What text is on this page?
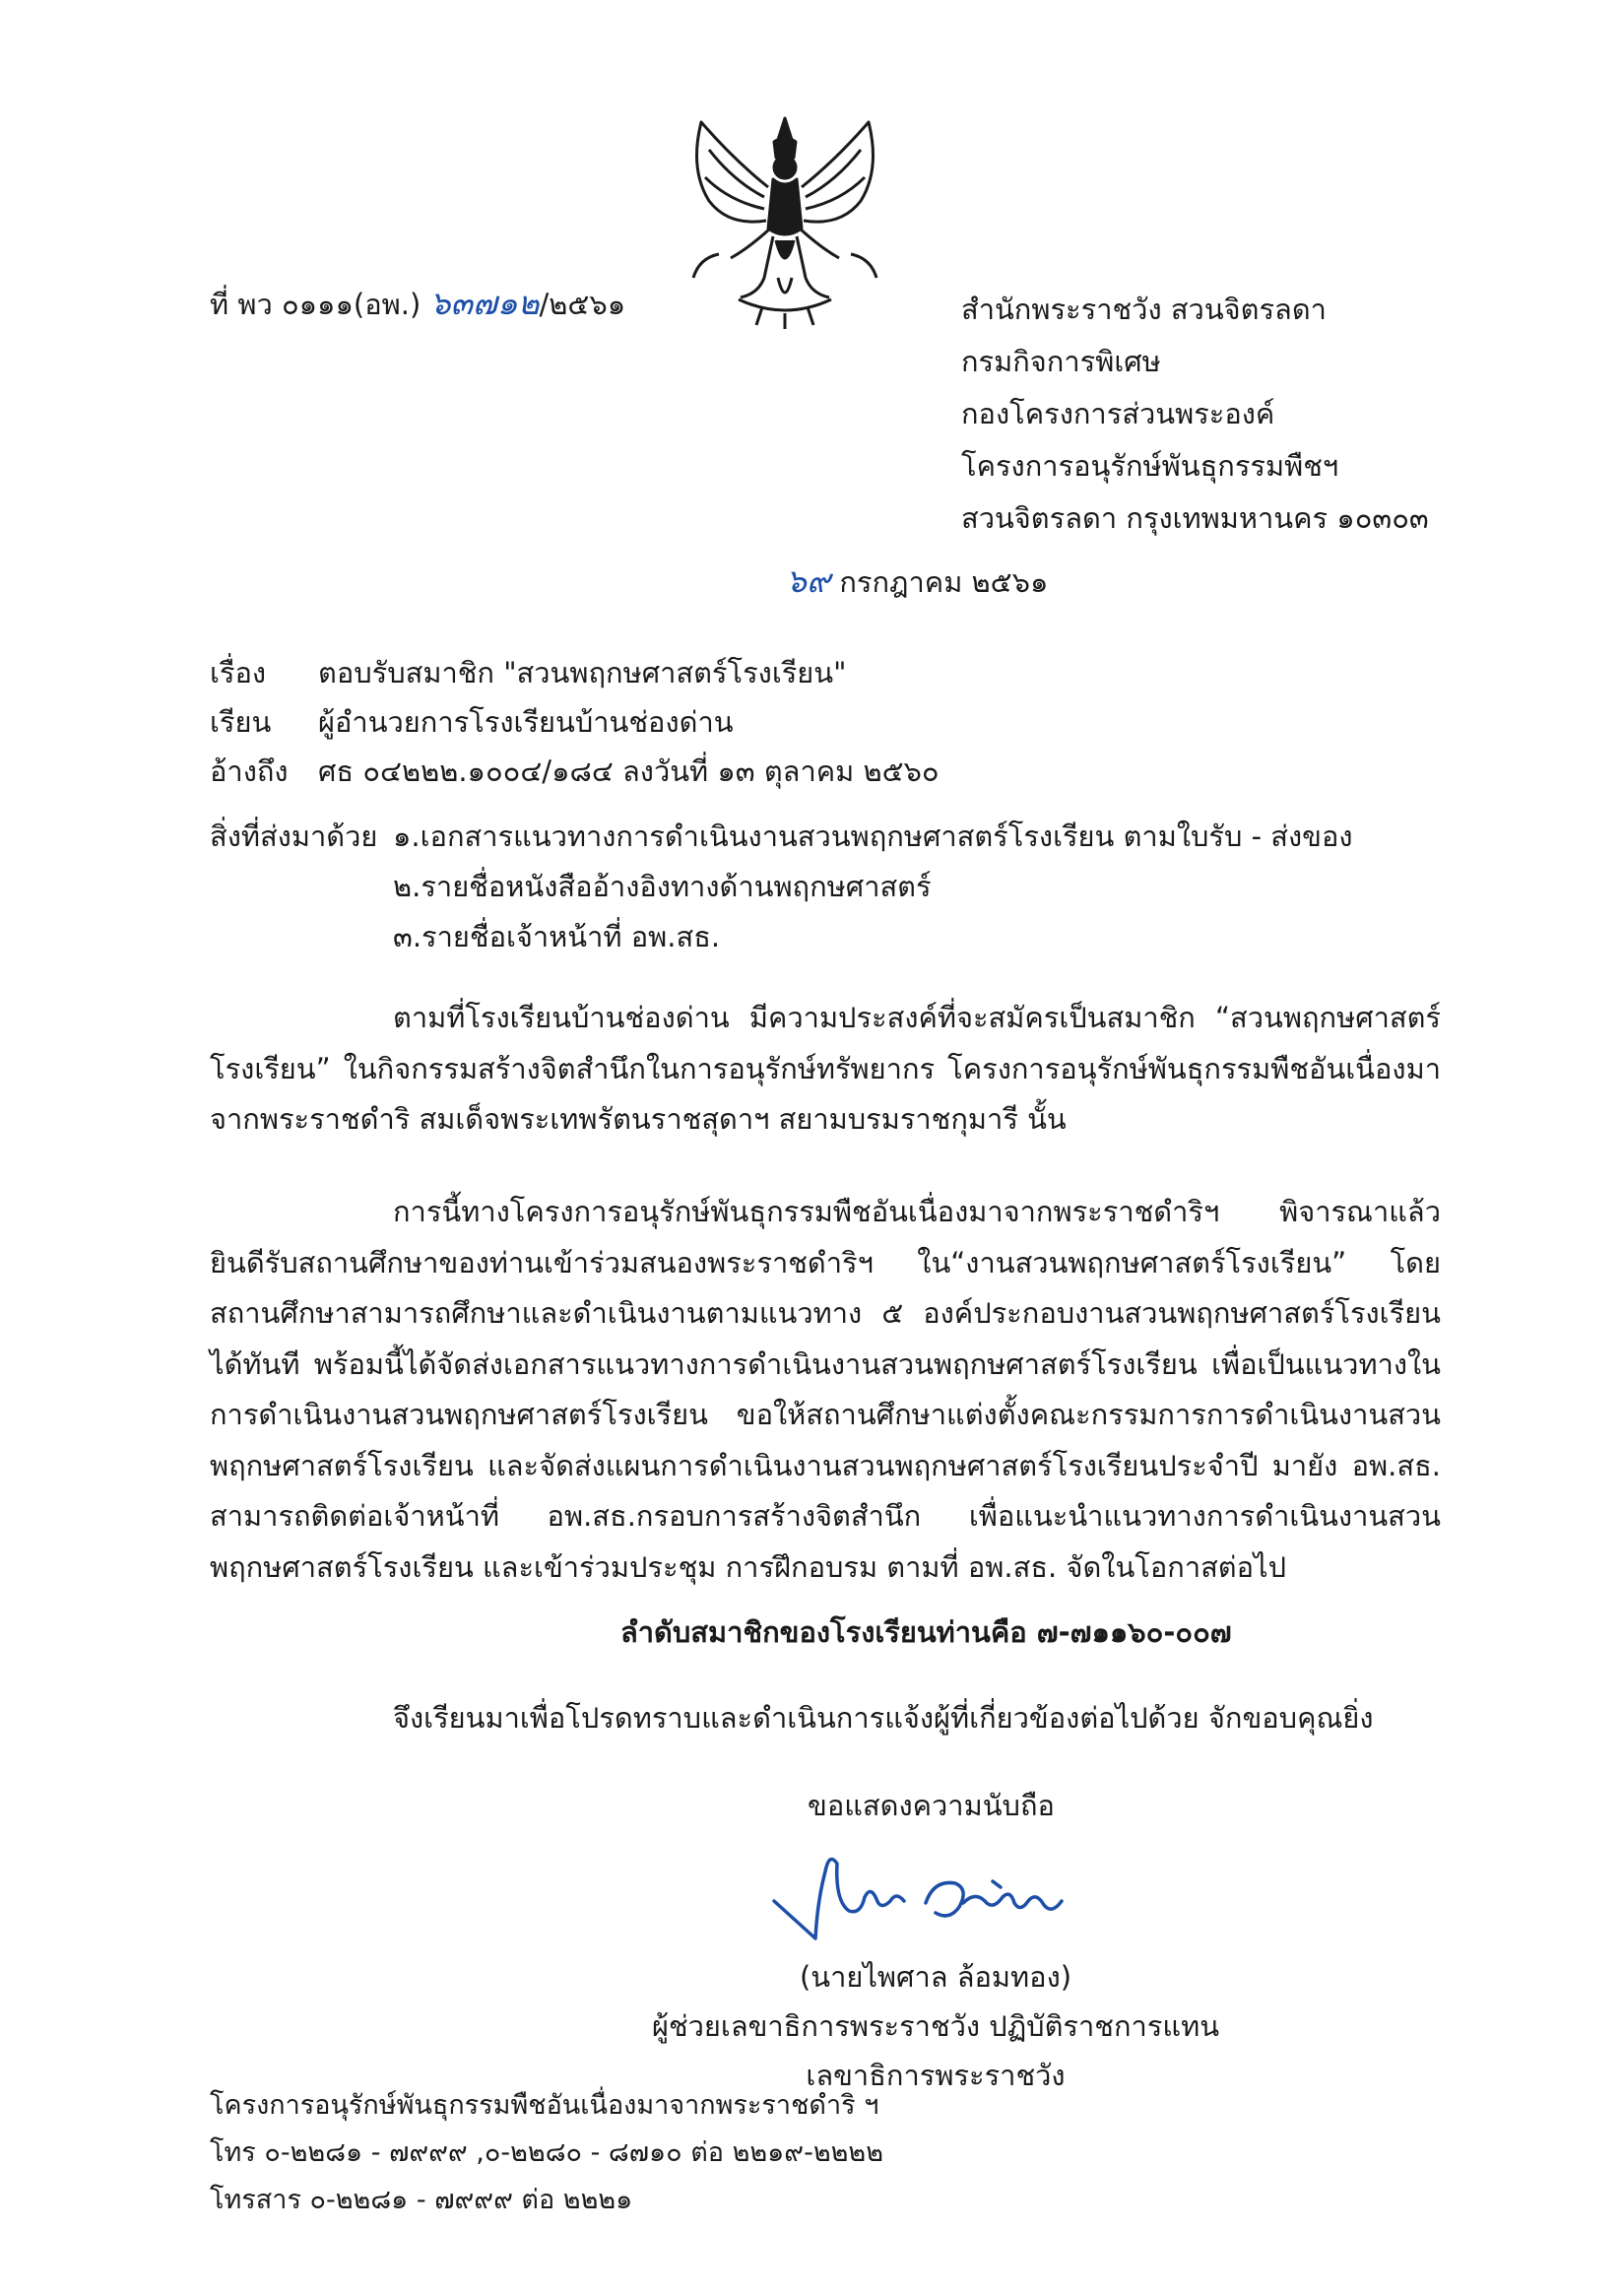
ที่ พว ๐๑๑๑(อพ.) ๖๓๗๑๒/๒๕๖๑	สำนักพระราชวัง สวนจิตรลดา
กรมกิจการพิเศษ
กองโครงการส่วนพระองค์
โครงการอนุรักษ์พันธุกรรมพืชฯ
สวนจิตรลดา กรุงเทพมหานคร ๑๐๓๐๓
๖๙ กรกฎาคม ๒๕๖๑
เรื่อง	ตอบรับสมาชิก "สวนพฤกษศาสตร์โรงเรียน"
เรียน	ผู้อำนวยการโรงเรียนบ้านช่องด่าน
อ้างถึง	ศธ ๐๔๒๒๒.๑๐๐๔/๑๘๔ ลงวันที่ ๑๓ ตุลาคม ๒๕๖๐
สิ่งที่ส่งมาด้วย ๑.เอกสารแนวทางการดำเนินงานสวนพฤกษศาสตร์โรงเรียน ตามใบรับ - ส่งของ
๒.รายชื่อหนังสืออ้างอิงทางด้านพฤกษศาสตร์
๓.รายชื่อเจ้าหน้าที่ อพ.สธ.

ตามที่โรงเรียนบ้านช่องด่าน มีความประสงค์ที่จะสมัครเป็นสมาชิก “สวนพฤกษศาสตร์โรงเรียน” ในกิจกรรมสร้างจิตสำนึกในการอนุรักษ์ทรัพยากร โครงการอนุรักษ์พันธุกรรมพืชอันเนื่องมาจากพระราชดำริ สมเด็จพระเทพรัตนราชสุดาฯ สยามบรมราชกุมารี นั้น

การนี้ทางโครงการอนุรักษ์พันธุกรรมพืชอันเนื่องมาจากพระราชดำริฯ พิจารณาแล้ว ยินดีรับสถานศึกษาของท่านเข้าร่วมสนองพระราชดำริฯ ใน“งานสวนพฤกษศาสตร์โรงเรียน” โดยสถานศึกษาสามารถศึกษาและดำเนินงานตามแนวทาง ๕ องค์ประกอบงานสวนพฤกษศาสตร์โรงเรียนได้ทันที พร้อมนี้ได้จัดส่งเอกสารแนวทางการดำเนินงานสวนพฤกษศาสตร์โรงเรียน เพื่อเป็นแนวทางในการดำเนินงานสวนพฤกษศาสตร์โรงเรียน ขอให้สถานศึกษาแต่งตั้งคณะกรรมการการดำเนินงานสวนพฤกษศาสตร์โรงเรียน และจัดส่งแผนการดำเนินงานสวนพฤกษศาสตร์โรงเรียนประจำปี มายัง อพ.สธ. สามารถติดต่อเจ้าหน้าที่ อพ.สธ.กรอบการสร้างจิตสำนึก เพื่อแนะนำแนวทางการดำเนินงานสวนพฤกษศาสตร์โรงเรียน และเข้าร่วมประชุม การฝึกอบรม ตามที่ อพ.สธ. จัดในโอกาสต่อไป

ลำดับสมาชิกของโรงเรียนท่านคือ ๗-๗๑๑๖๐-๐๐๗
จึงเรียนมาเพื่อโปรดทราบและดำเนินการแจ้งผู้ที่เกี่ยวข้องต่อไปด้วย จักขอบคุณยิ่ง
ขอแสดงความนับถือ
(นายไพศาล ล้อมทอง)
ผู้ช่วยเลขาธิการพระราชวัง ปฏิบัติราชการแทน
เลขาธิการพระราชวัง
โครงการอนุรักษ์พันธุกรรมพืชอันเนื่องมาจากพระราชดำริ ฯ
โทร ๐-๒๒๘๑ - ๗๙๙๙ ,๐-๒๒๘๐ - ๘๗๑๐ ต่อ ๒๒๑๙-๒๒๒๒
โทรสาร ๐-๒๒๘๑ - ๗๙๙๙ ต่อ ๒๒๒๑
